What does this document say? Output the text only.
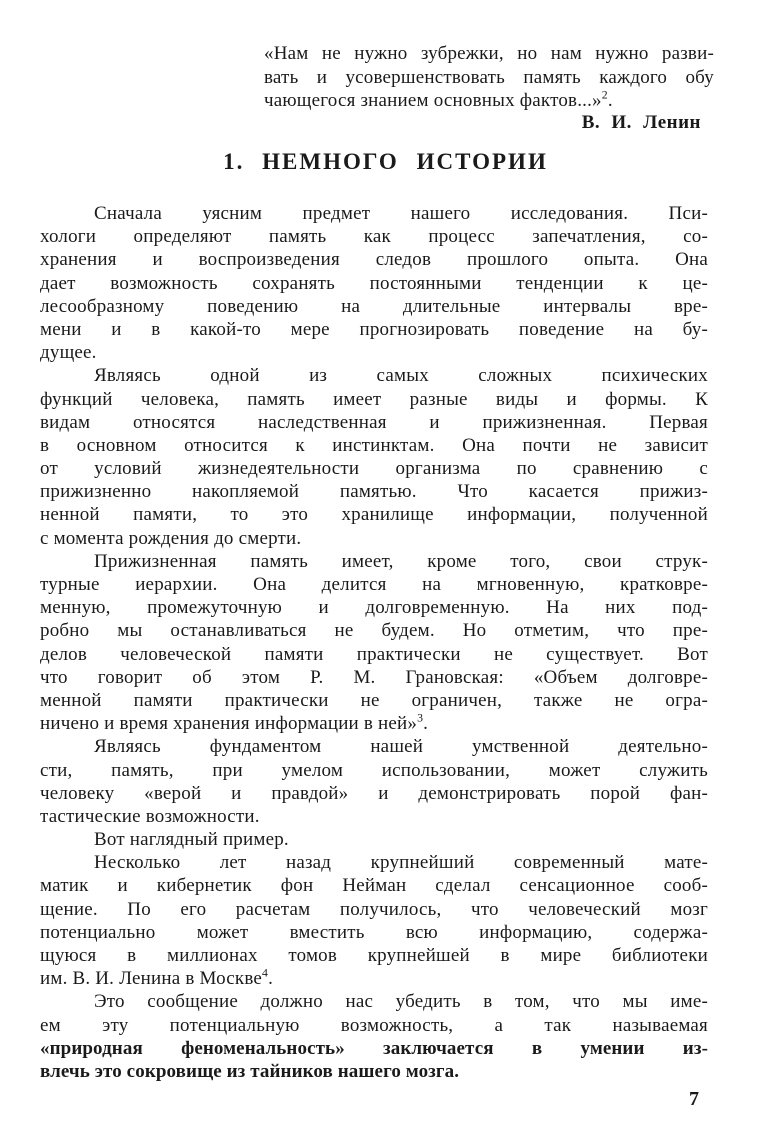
«Нам не нужно зубрежки, но нам нужно разви-
вать и усовершенствовать память каждого обу
чающегося знанием основных фактов...»$^2$.
В. И. Ленин
1. НЕМНОГО ИСТОРИИ
Сначала уясним предмет нашего исследования. Пси-
хологи определяют память как процесс запечатления, со-
хранения и воспроизведения следов прошлого опыта. Она
дает возможность сохранять постоянными тенденции к це-
лесообразному поведению на длительные интервалы вре-
мени и в какой-то мере прогнозировать поведение на бу-
дущее.
Являясь одной из самых сложных психических
функций человека, память имеет разные виды и формы. К
видам относятся наследственная и прижизненная. Первая
в основном относится к инстинктам. Она почти не зависит
от условий жизнедеятельности организма по сравнению с
прижизненно накопляемой памятью. Что касается прижиз-
ненной памяти, то это хранилище информации, полученной
с момента рождения до смерти.
Прижизненная память имеет, кроме того, свои струк-
турные иерархии. Она делится на мгновенную, кратковре-
менную, промежуточную и долговременную. На них под-
робно мы останавливаться не будем. Но отметим, что пре-
делов человеческой памяти практически не существует. Вот
что говорит об этом Р. М. Грановская: «Объем долговре-
менной памяти практически не ограничен, также не огра-
ничено и время хранения информации в ней»$^3$.
Являясь фундаментом нашей умственной деятельно-
сти, память, при умелом использовании, может служить
человеку «верой и правдой» и демонстрировать порой фан-
тастические возможности.
Вот наглядный пример.
Несколько лет назад крупнейший современный мате-
матик и кибернетик фон Нейман сделал сенсационное сооб-
щение. По его расчетам получилось, что человеческий мозг
потенциально может вместить всю информацию, содержа-
щуюся в миллионах томов крупнейшей в мире библиотеки
им. В. И. Ленина в Москве$^4$.
Это сообщение должно нас убедить в том, что мы име-
ем эту потенциальную возможность, а так называемая
«природная феноменальность» заключается в умении из-
влечь это сокровище из тайников нашего мозга.
7
